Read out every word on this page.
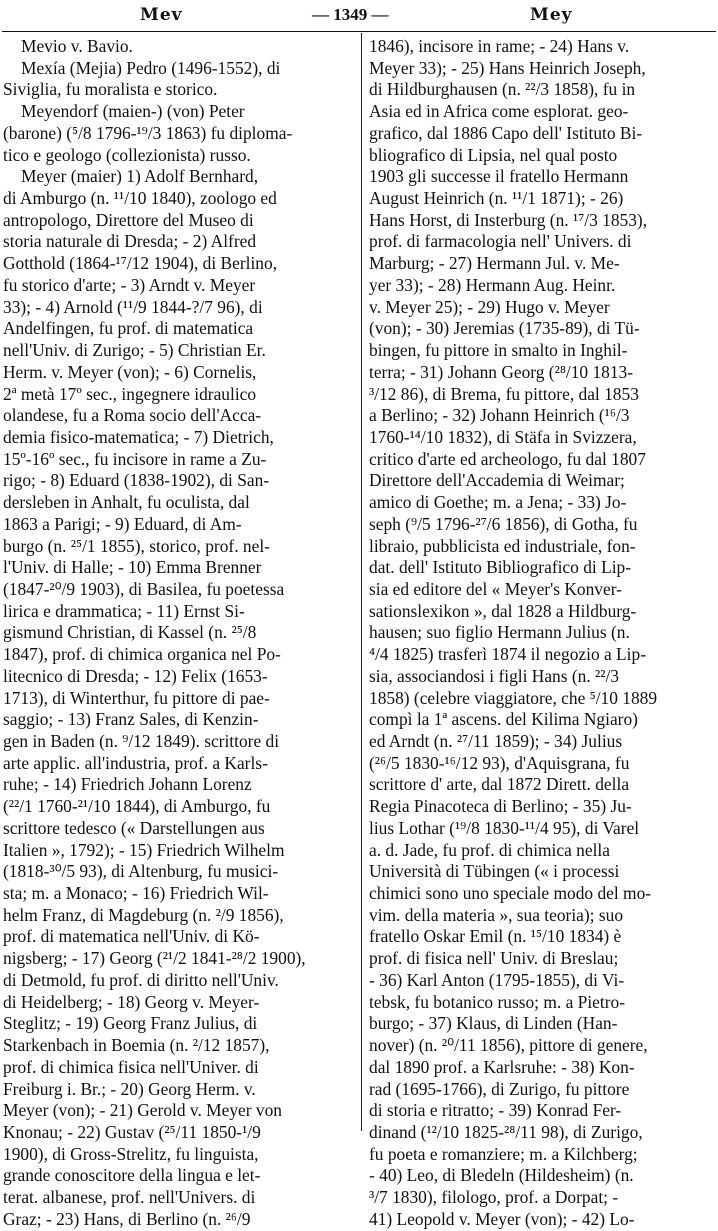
Mev	— 1349 —	Mey
Mevio v. Bavio.
Mexía (Mejia) Pedro (1496-1552), di
Siviglia, fu moralista e storico.
Meyendorf (maien-) (von) Peter
(barone) (⁵/8 1796-¹⁹/3 1863) fu diploma-
tico e geologo (collezionista) russo.
Meyer (maier) 1) Adolf Bernhard,
di Amburgo (n. ¹¹/10 1840), zoologo ed
antropologo, Direttore del Museo di
storia naturale di Dresda; - 2) Alfred
Gotthold (1864-¹⁷/12 1904), di Berlino,
fu storico d'arte; - 3) Arndt v. Meyer
33); - 4) Arnold (¹¹/9 1844-?/7 96), di
Andelfingen, fu prof. di matematica
nell'Univ. di Zurigo; - 5) Christian Er.
Herm. v. Meyer (von); - 6) Cornelis,
2ª metà 17º sec., ingegnere idraulico
olandese, fu a Roma socio dell'Acca-
demia fisico-matematica; - 7) Dietrich,
15º-16º sec., fu incisore in rame a Zu-
rigo; - 8) Eduard (1838-1902), di San-
dersleben in Anhalt, fu oculista, dal
1863 a Parigi; - 9) Eduard, di Am-
burgo (n. ²⁵/1 1855), storico, prof. nel-
l'Univ. di Halle; - 10) Emma Brenner
(1847-²⁰/9 1903), di Basilea, fu poetessa
lirica e drammatica; - 11) Ernst Si-
gismund Christian, di Kassel (n. ²⁵/8
1847), prof. di chimica organica nel Po-
litecnico di Dresda; - 12) Felix (1653-
1713), di Winterthur, fu pittore di pae-
saggio; - 13) Franz Sales, di Kenzin-
gen in Baden (n. ⁹/12 1849). scrittore di
arte applic. all'industria, prof. a Karls-
ruhe; - 14) Friedrich Johann Lorenz
(²²/1 1760-²¹/10 1844), di Amburgo, fu
scrittore tedesco (« Darstellungen aus
Italien », 1792); - 15) Friedrich Wilhelm
(1818-³⁰/5 93), di Altenburg, fu musici-
sta; m. a Monaco; - 16) Friedrich Wil-
helm Franz, di Magdeburg (n. ²/9 1856),
prof. di matematica nell'Univ. di Kö-
nigsberg; - 17) Georg (²¹/2 1841-²⁸/2 1900),
di Detmold, fu prof. di diritto nell'Univ.
di Heidelberg; - 18) Georg v. Meyer-
Steglitz; - 19) Georg Franz Julius, di
Starkenbach in Boemia (n. ²/12 1857),
prof. di chimica fisica nell'Univer. di
Freiburg i. Br.; - 20) Georg Herm. v.
Meyer (von); - 21) Gerold v. Meyer von
Knonau; - 22) Gustav (²⁵/11 1850-¹/9
1900), di Gross-Strelitz, fu linguista,
grande conoscitore della lingua e let-
terat. albanese, prof. nell'Univers. di
Graz; - 23) Hans, di Berlino (n. ²⁶/9
1846), incisore in rame; - 24) Hans v.
Meyer 33); - 25) Hans Heinrich Joseph,
di Hildburghausen (n. ²²/3 1858), fu in
Asia ed in Africa come esplorat. geo-
grafico, dal 1886 Capo dell' Istituto Bi-
bliografico di Lipsia, nel qual posto
1903 gli successe il fratello Hermann
August Heinrich (n. ¹¹/1 1871); - 26)
Hans Horst, di Insterburg (n. ¹⁷/3 1853),
prof. di farmacologia nell' Univers. di
Marburg; - 27) Hermann Jul. v. Me-
yer 33); - 28) Hermann Aug. Heinr.
v. Meyer 25); - 29) Hugo v. Meyer
(von); - 30) Jeremias (1735-89), di Tü-
bingen, fu pittore in smalto in Inghil-
terra; - 31) Johann Georg (²⁸/10 1813-
³/12 86), di Brema, fu pittore, dal 1853
a Berlino; - 32) Johann Heinrich (¹⁶/3
1760-¹⁴/10 1832), di Stäfa in Svizzera,
critico d'arte ed archeologo, fu dal 1807
Direttore dell'Accademia di Weimar;
amico di Goethe; m. a Jena; - 33) Jo-
seph (⁹/5 1796-²⁷/6 1856), di Gotha, fu
libraio, pubblicista ed industriale, fon-
dat. dell' Istituto Bibliografico di Lip-
sia ed editore del « Meyer's Konver-
sationslexikon », dal 1828 a Hildburg-
hausen; suo figlio Hermann Julius (n.
⁴/4 1825) trasferì 1874 il negozio a Lip-
sia, associandosi i figli Hans (n. ²²/3
1858) (celebre viaggiatore, che ⁵/10 1889
compì la 1ª ascens. del Kilima Ngiaro)
ed Arndt (n. ²⁷/11 1859); - 34) Julius
(²⁶/5 1830-¹⁶/12 93), d'Aquisgrana, fu
scrittore d' arte, dal 1872 Dirett. della
Regia Pinacoteca di Berlino; - 35) Ju-
lius Lothar (¹⁹/8 1830-¹¹/4 95), di Varel
a. d. Jade, fu prof. di chimica nella
Università di Tübingen (« i processi
chimici sono uno speciale modo del mo-
vim. della materia », sua teoria); suo
fratello Oskar Emil (n. ¹⁵/10 1834) è
prof. di fisica nell' Univ. di Breslau;
- 36) Karl Anton (1795-1855), di Vi-
tebsk, fu botanico russo; m. a Pietro-
burgo; - 37) Klaus, di Linden (Han-
nover) (n. ²⁰/11 1856), pittore di genere,
dal 1890 prof. a Karlsruhe: - 38) Kon-
rad (1695-1766), di Zurigo, fu pittore
di storia e ritratto; - 39) Konrad Fer-
dinand (¹²/10 1825-²⁸/11 98), di Zurigo,
fu poeta e romanziere; m. a Kilchberg;
- 40) Leo, di Bledeln (Hildesheim) (n.
³/7 1830), filologo, prof. a Dorpat; -
41) Leopold v. Meyer (von); - 42) Lo-
